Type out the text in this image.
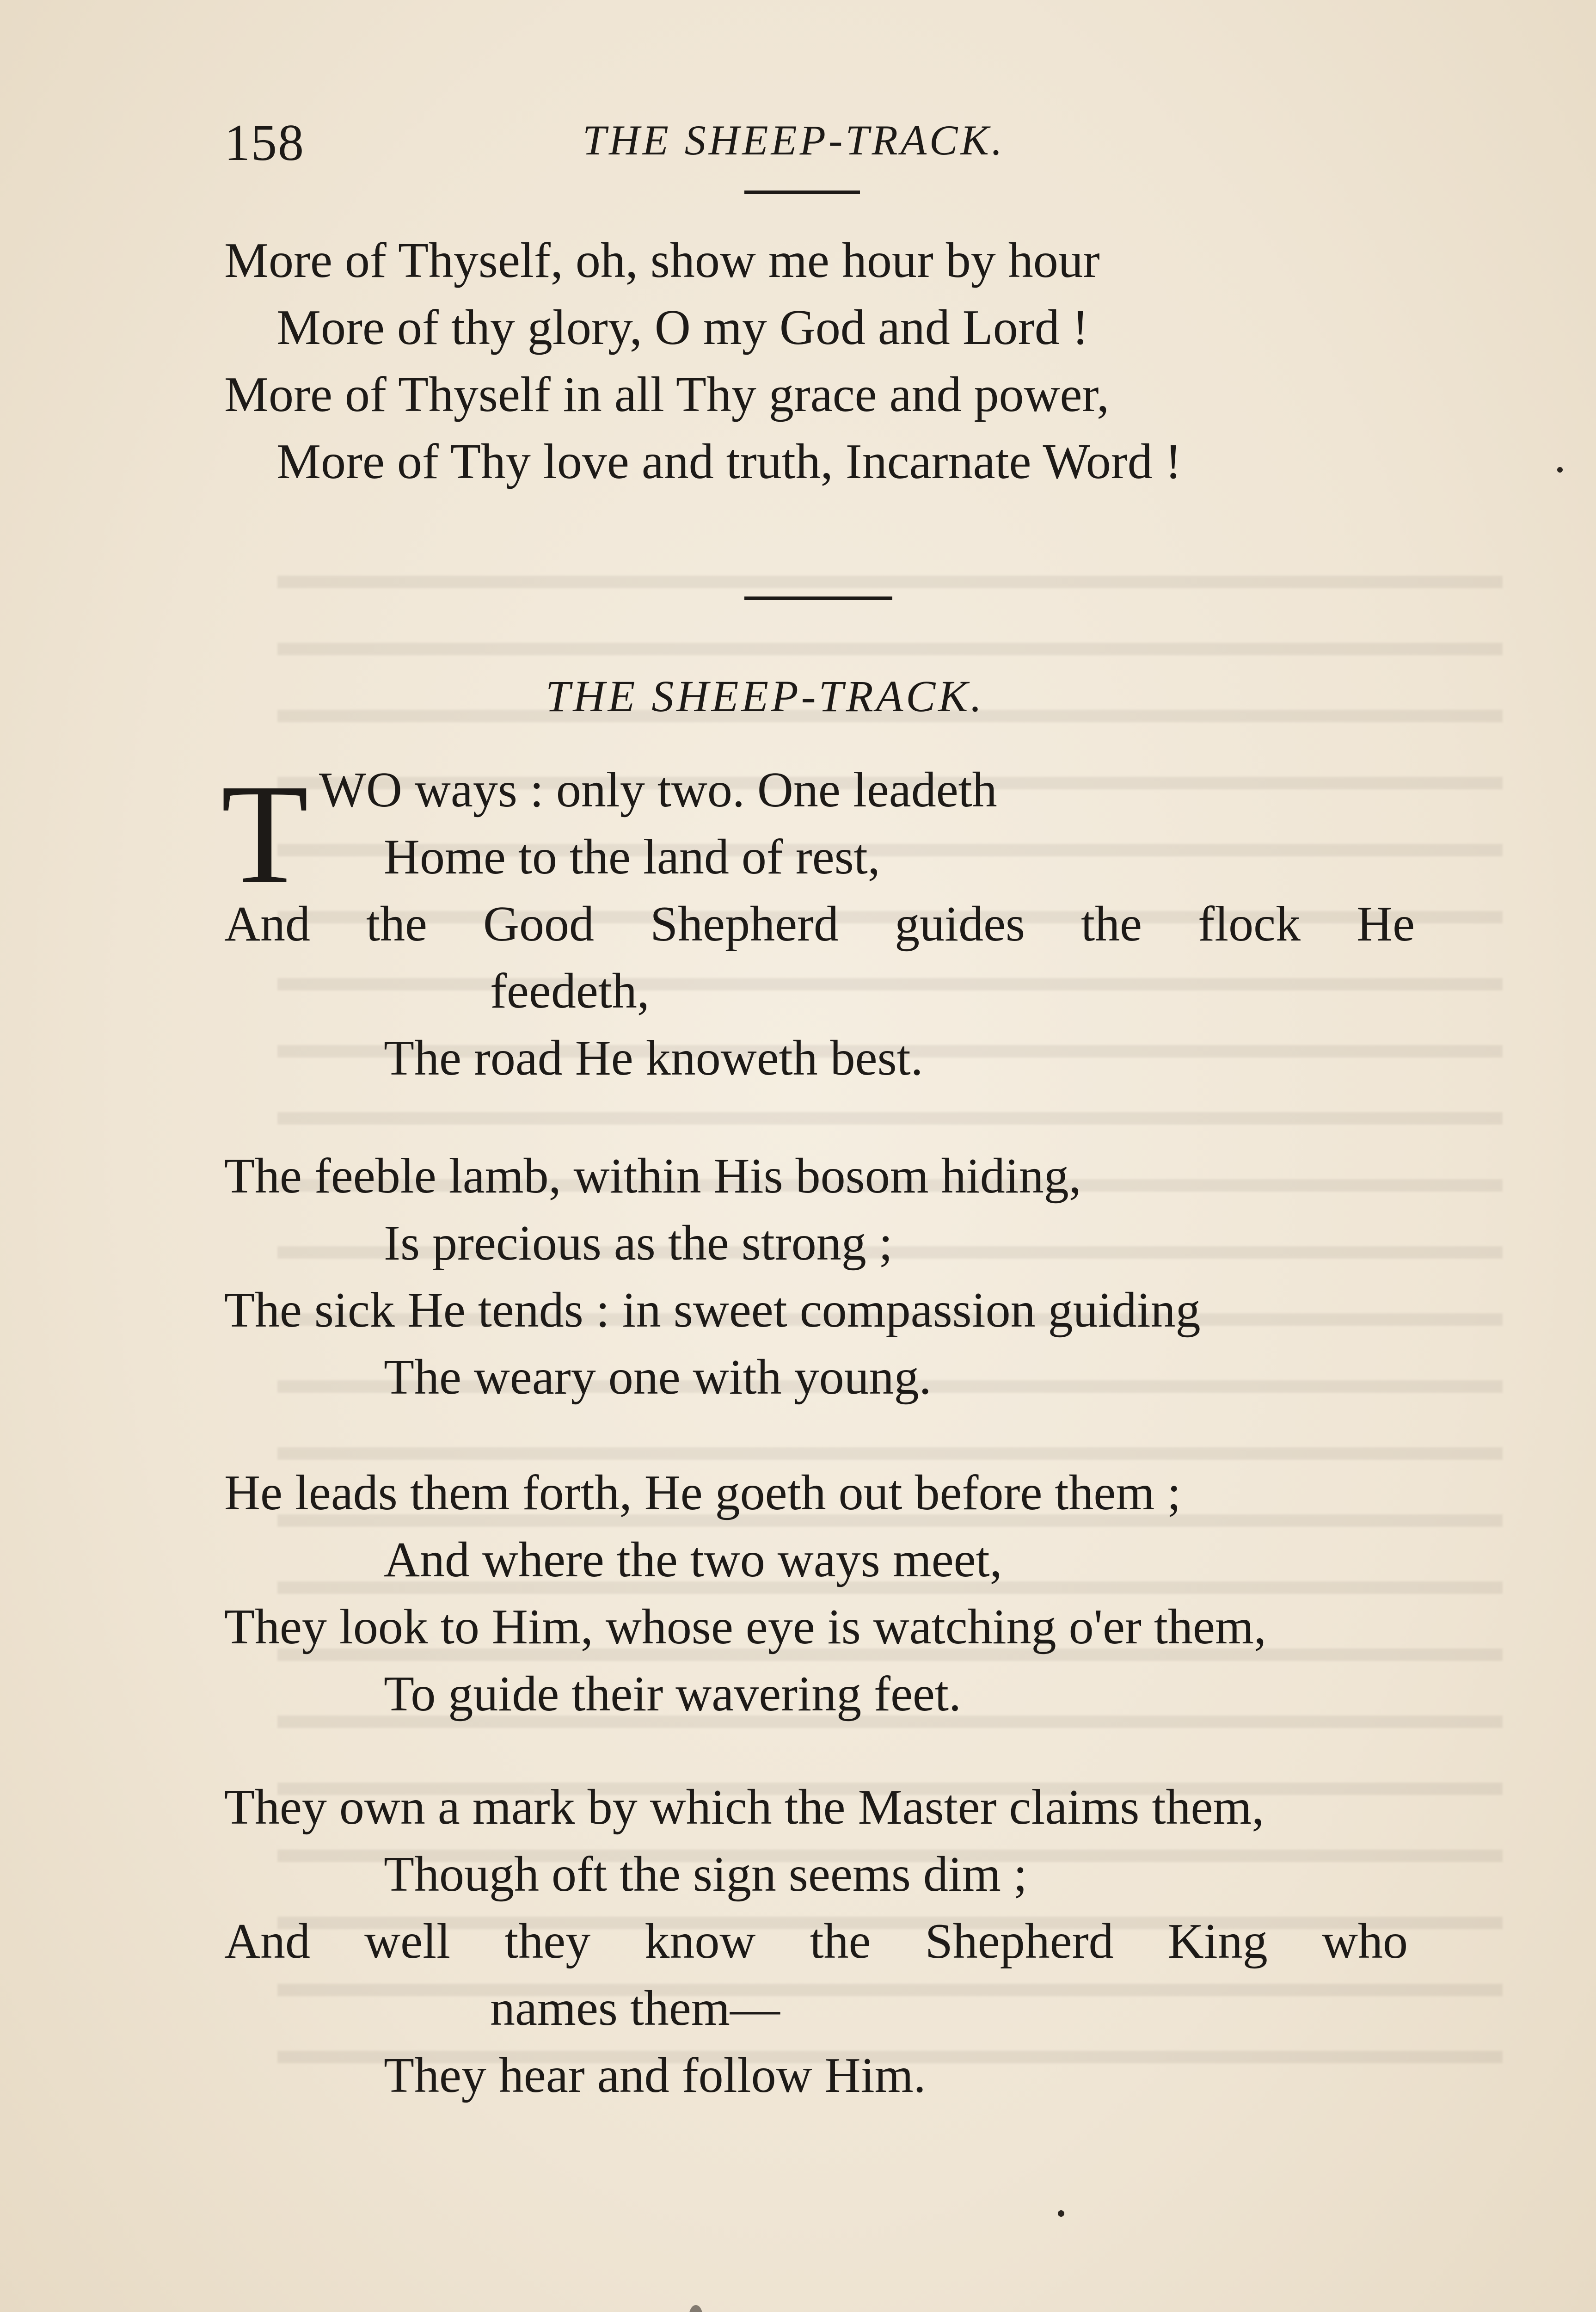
158	THE SHEEP-TRACK.
More of Thyself, oh, show me hour by hour
More of thy glory, O my God and Lord !
More of Thyself in all Thy grace and power,
More of Thy love and truth, Incarnate Word !
THE SHEEP-TRACK.
T WO ways : only two. One leadeth
Home to the land of rest,
And the Good Shepherd guides the flock He
feedeth,
The road He knoweth best.
The feeble lamb, within His bosom hiding,
Is precious as the strong ;
The sick He tends : in sweet compassion guiding
The weary one with young.
He leads them forth, He goeth out before them ;
And where the two ways meet,
They look to Him, whose eye is watching o'er them,
To guide their wavering feet.
They own a mark by which the Master claims them,
Though oft the sign seems dim ;
And well they know the Shepherd King who
names them—
They hear and follow Him.
